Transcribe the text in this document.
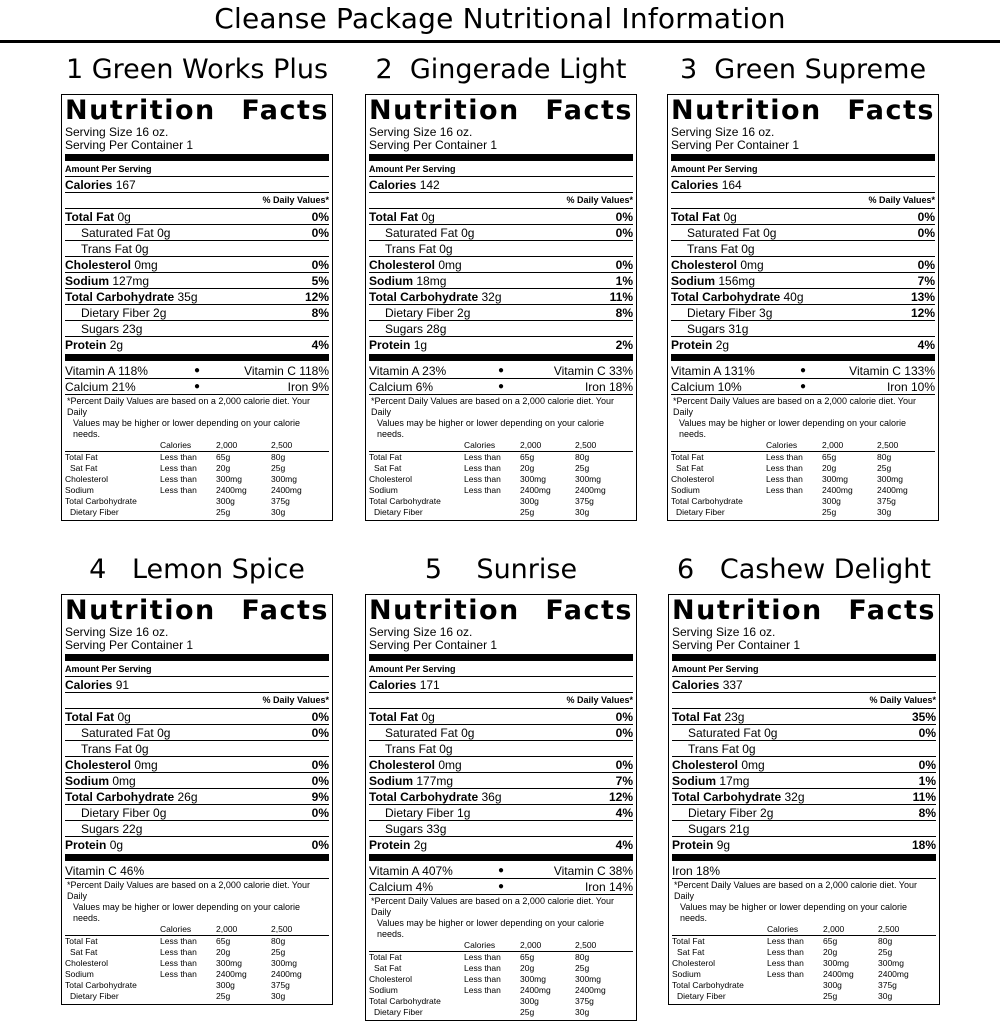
Cleanse Package Nutritional Information
1 Green Works Plus
Nutrition Facts
Serving Size 16 oz.
Serving Per Container 1
Amount Per Serving
Calories 167
% Daily Values*
Total Fat 0g	0%
Saturated Fat 0g	0%
Trans Fat 0g
Cholesterol 0mg	0%
Sodium 127mg	5%
Total Carbohydrate 35g	12%
Dietary Fiber 2g	8%
Sugars 23g
Protein 2g	4%
Vitamin A 118%	●	Vitamin C 118%
Calcium 21%	●	Iron 9%
*Percent Daily Values are based on a 2,000 calorie diet. Your Daily
Values may be higher or lower depending on your calorie needs.
	Calories	2,000	2,500
Total Fat	Less than	65g	80g
Sat Fat	Less than	20g	25g
Cholesterol	Less than	300mg	300mg
Sodium	Less than	2400mg	2400mg
Total Carbohydrate		300g	375g
Dietary Fiber		25g	30g
2  Gingerade Light
Nutrition Facts
Serving Size 16 oz.
Serving Per Container 1
Amount Per Serving
Calories 142
% Daily Values*
Total Fat 0g	0%
Saturated Fat 0g	0%
Trans Fat 0g
Cholesterol 0mg	0%
Sodium 18mg	1%
Total Carbohydrate 32g	11%
Dietary Fiber 2g	8%
Sugars 28g
Protein 1g	2%
Vitamin A 23%	●	Vitamin C 33%
Calcium 6%	●	Iron 18%
*Percent Daily Values are based on a 2,000 calorie diet. Your Daily
Values may be higher or lower depending on your calorie needs.
	Calories	2,000	2,500
Total Fat	Less than	65g	80g
Sat Fat	Less than	20g	25g
Cholesterol	Less than	300mg	300mg
Sodium	Less than	2400mg	2400mg
Total Carbohydrate		300g	375g
Dietary Fiber		25g	30g
3  Green Supreme
Nutrition Facts
Serving Size 16 oz.
Serving Per Container 1
Amount Per Serving
Calories 164
% Daily Values*
Total Fat 0g	0%
Saturated Fat 0g	0%
Trans Fat 0g
Cholesterol 0mg	0%
Sodium 156mg	7%
Total Carbohydrate 40g	13%
Dietary Fiber 3g	12%
Sugars 31g
Protein 2g	4%
Vitamin A 131%	●	Vitamin C 133%
Calcium 10%	●	Iron 10%
*Percent Daily Values are based on a 2,000 calorie diet. Your Daily
Values may be higher or lower depending on your calorie needs.
	Calories	2,000	2,500
Total Fat	Less than	65g	80g
Sat Fat	Less than	20g	25g
Cholesterol	Less than	300mg	300mg
Sodium	Less than	2400mg	2400mg
Total Carbohydrate		300g	375g
Dietary Fiber		25g	30g
4   Lemon Spice
Nutrition Facts
Serving Size 16 oz.
Serving Per Container 1
Amount Per Serving
Calories 91
% Daily Values*
Total Fat 0g	0%
Saturated Fat 0g	0%
Trans Fat 0g
Cholesterol 0mg	0%
Sodium 0mg	0%
Total Carbohydrate 26g	9%
Dietary Fiber 0g	0%
Sugars 22g
Protein 0g	0%
Vitamin C 46%
*Percent Daily Values are based on a 2,000 calorie diet. Your Daily
Values may be higher or lower depending on your calorie needs.
	Calories	2,000	2,500
Total Fat	Less than	65g	80g
Sat Fat	Less than	20g	25g
Cholesterol	Less than	300mg	300mg
Sodium	Less than	2400mg	2400mg
Total Carbohydrate		300g	375g
Dietary Fiber		25g	30g
5    Sunrise
Nutrition Facts
Serving Size 16 oz.
Serving Per Container 1
Amount Per Serving
Calories 171
% Daily Values*
Total Fat 0g	0%
Saturated Fat 0g	0%
Trans Fat 0g
Cholesterol 0mg	0%
Sodium 177mg	7%
Total Carbohydrate 36g	12%
Dietary Fiber 1g	4%
Sugars 33g
Protein 2g	4%
Vitamin A 407%	●	Vitamin C 38%
Calcium 4%	●	Iron 14%
*Percent Daily Values are based on a 2,000 calorie diet. Your Daily
Values may be higher or lower depending on your calorie needs.
	Calories	2,000	2,500
Total Fat	Less than	65g	80g
Sat Fat	Less than	20g	25g
Cholesterol	Less than	300mg	300mg
Sodium	Less than	2400mg	2400mg
Total Carbohydrate		300g	375g
Dietary Fiber		25g	30g
6   Cashew Delight
Nutrition Facts
Serving Size 16 oz.
Serving Per Container 1
Amount Per Serving
Calories 337
% Daily Values*
Total Fat 23g	35%
Saturated Fat 0g	0%
Trans Fat 0g
Cholesterol 0mg	0%
Sodium 17mg	1%
Total Carbohydrate 32g	11%
Dietary Fiber 2g	8%
Sugars 21g
Protein 9g	18%
Iron 18%
*Percent Daily Values are based on a 2,000 calorie diet. Your Daily
Values may be higher or lower depending on your calorie needs.
	Calories	2,000	2,500
Total Fat	Less than	65g	80g
Sat Fat	Less than	20g	25g
Cholesterol	Less than	300mg	300mg
Sodium	Less than	2400mg	2400mg
Total Carbohydrate		300g	375g
Dietary Fiber		25g	30g
